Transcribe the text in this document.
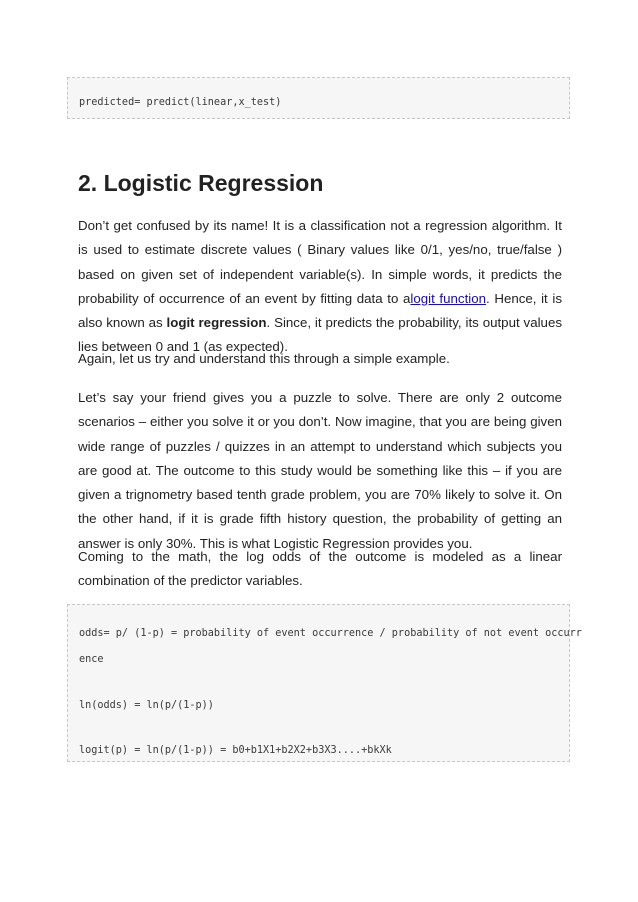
predicted= predict(linear,x_test)

2. Logistic Regression

Don’t get confused by its name! It is a classification not a regression algorithm. It is used to estimate discrete values ( Binary values like 0/1, yes/no, true/false ) based on given set of independent variable(s). In simple words, it predicts the probability of occurrence of an event by fitting data to alogit function. Hence, it is also known as logit regression. Since, it predicts the probability, its output values lies between 0 and 1 (as expected).

Again, let us try and understand this through a simple example.

Let’s say your friend gives you a puzzle to solve. There are only 2 outcome scenarios – either you solve it or you don’t. Now imagine, that you are being given wide range of puzzles / quizzes in an attempt to understand which subjects you are good at. The outcome to this study would be something like this – if you are given a trignometry based tenth grade problem, you are 70% likely to solve it. On the other hand, if it is grade fifth history question, the probability of getting an answer is only 30%. This is what Logistic Regression provides you.

Coming to the math, the log odds of the outcome is modeled as a linear combination of the predictor variables.

odds= p/ (1-p) = probability of event occurrence / probability of not event occurr

ence

ln(odds) = ln(p/(1-p))

logit(p) = ln(p/(1-p)) = b0+b1X1+b2X2+b3X3....+bkXk
